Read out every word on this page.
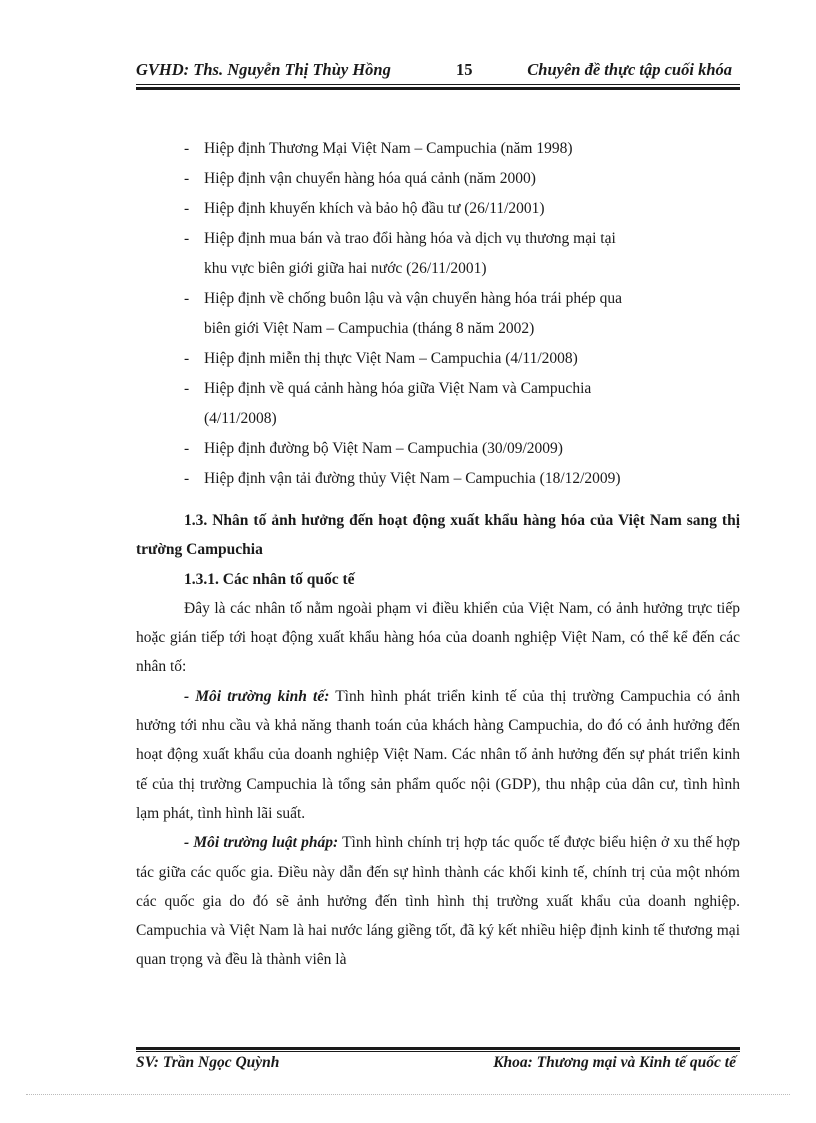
GVHD: Ths. Nguyễn Thị Thùy Hồng	15	Chuyên đề thực tập cuối khóa
- Hiệp định Thương Mại Việt Nam – Campuchia (năm 1998)
- Hiệp định vận chuyển hàng hóa quá cảnh (năm 2000)
- Hiệp định khuyến khích và bảo hộ đầu tư (26/11/2001)
- Hiệp định mua bán và trao đổi hàng hóa và dịch vụ thương mại tại
khu vực biên giới giữa hai nước (26/11/2001)
- Hiệp định về chống buôn lậu và vận chuyển hàng hóa trái phép qua
biên giới Việt Nam – Campuchia (tháng 8 năm 2002)
- Hiệp định miễn thị thực Việt Nam – Campuchia (4/11/2008)
- Hiệp định về quá cảnh hàng hóa giữa Việt Nam và Campuchia
(4/11/2008)
- Hiệp định đường bộ Việt Nam – Campuchia (30/09/2009)
- Hiệp định vận tải đường thủy Việt Nam – Campuchia (18/12/2009)

1.3. Nhân tố ảnh hưởng đến hoạt động xuất khẩu hàng hóa của Việt Nam sang thị trường Campuchia

1.3.1. Các nhân tố quốc tế

Đây là các nhân tố nằm ngoài phạm vi điều khiển của Việt Nam, có ảnh hưởng trực tiếp hoặc gián tiếp tới hoạt động xuất khẩu hàng hóa của doanh nghiệp Việt Nam, có thể kể đến các nhân tố:

- Môi trường kinh tế: Tình hình phát triển kinh tế của thị trường Campuchia có ảnh hưởng tới nhu cầu và khả năng thanh toán của khách hàng Campuchia, do đó có ảnh hưởng đến hoạt động xuất khẩu của doanh nghiệp Việt Nam. Các nhân tố ảnh hưởng đến sự phát triển kinh tế của thị trường Campuchia là tổng sản phẩm quốc nội (GDP), thu nhập của dân cư, tình hình lạm phát, tình hình lãi suất.

- Môi trường luật pháp: Tình hình chính trị hợp tác quốc tế được biểu hiện ở xu thế hợp tác giữa các quốc gia. Điều này dẫn đến sự hình thành các khối kinh tế, chính trị của một nhóm các quốc gia do đó sẽ ảnh hưởng đến tình hình thị trường xuất khẩu của doanh nghiệp. Campuchia và Việt Nam là hai nước láng giềng tốt, đã ký kết nhiều hiệp định kinh tế thương mại quan trọng và đều là thành viên là

SV: Trần Ngọc Quỳnh	Khoa: Thương mại và Kinh tế quốc tế
